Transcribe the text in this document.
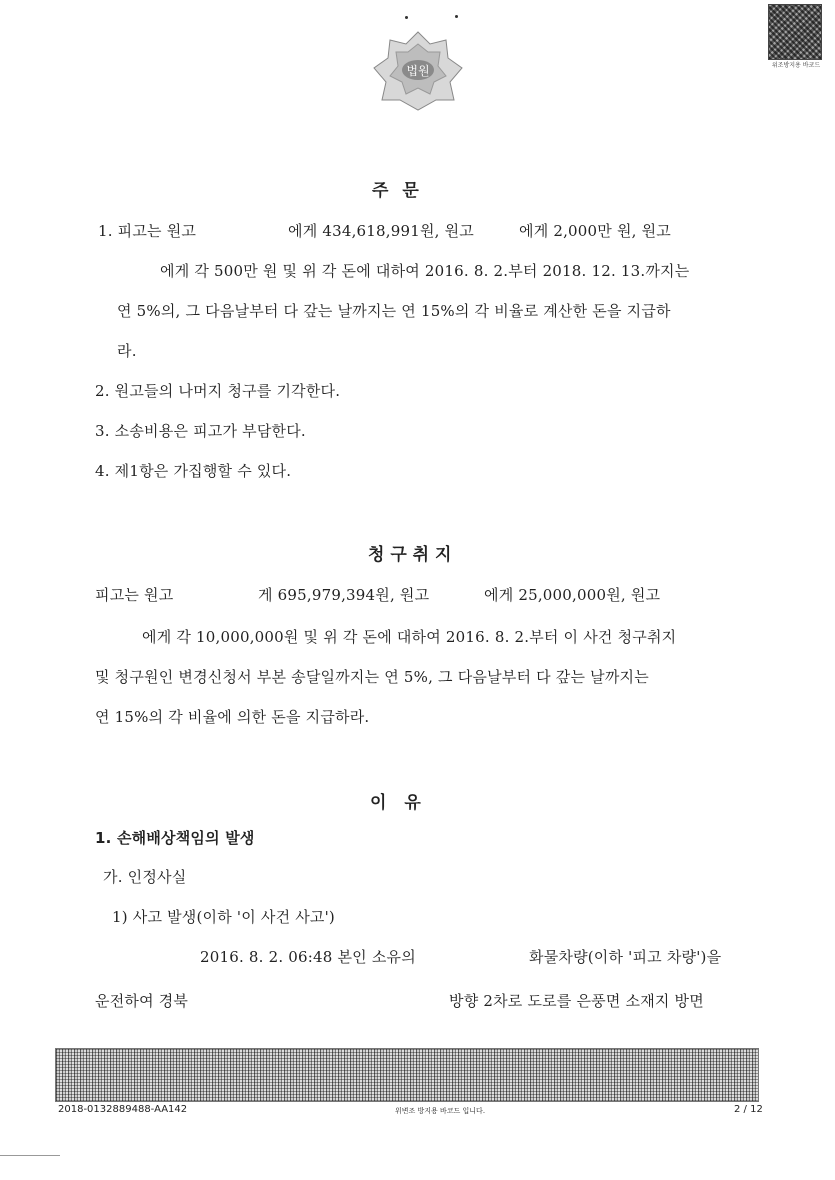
법원	위조방지용 바코드
주 문
1. 피고는 원고	에게 434,618,991원, 원고	에게 2,000만 원, 원고
에게 각 500만 원 및 위 각 돈에 대하여 2016. 8. 2.부터 2018. 12. 13.까지는
연 5%의, 그 다음날부터 다 갚는 날까지는 연 15%의 각 비율로 계산한 돈을 지급하
라.
2. 원고들의 나머지 청구를 기각한다.
3. 소송비용은 피고가 부담한다.
4. 제1항은 가집행할 수 있다.
청 구 취 지
피고는 원고	게 695,979,394원, 원고	에게 25,000,000원, 원고
에게 각 10,000,000원 및 위 각 돈에 대하여 2016. 8. 2.부터 이 사건 청구취지
및 청구원인 변경신청서 부본 송달일까지는 연 5%, 그 다음날부터 다 갚는 날까지는
연 15%의 각 비율에 의한 돈을 지급하라.
이 유
1. 손해배상책임의 발생
가. 인정사실
1) 사고 발생(이하 '이 사건 사고')
2016. 8. 2. 06:48 본인 소유의	화물차량(이하 '피고 차량')을
운전하여 경북	방향 2차로 도로를 은풍면 소재지 방면
2018-0132889488-AA142	위변조 방지용 바코드 입니다.	2 / 12
